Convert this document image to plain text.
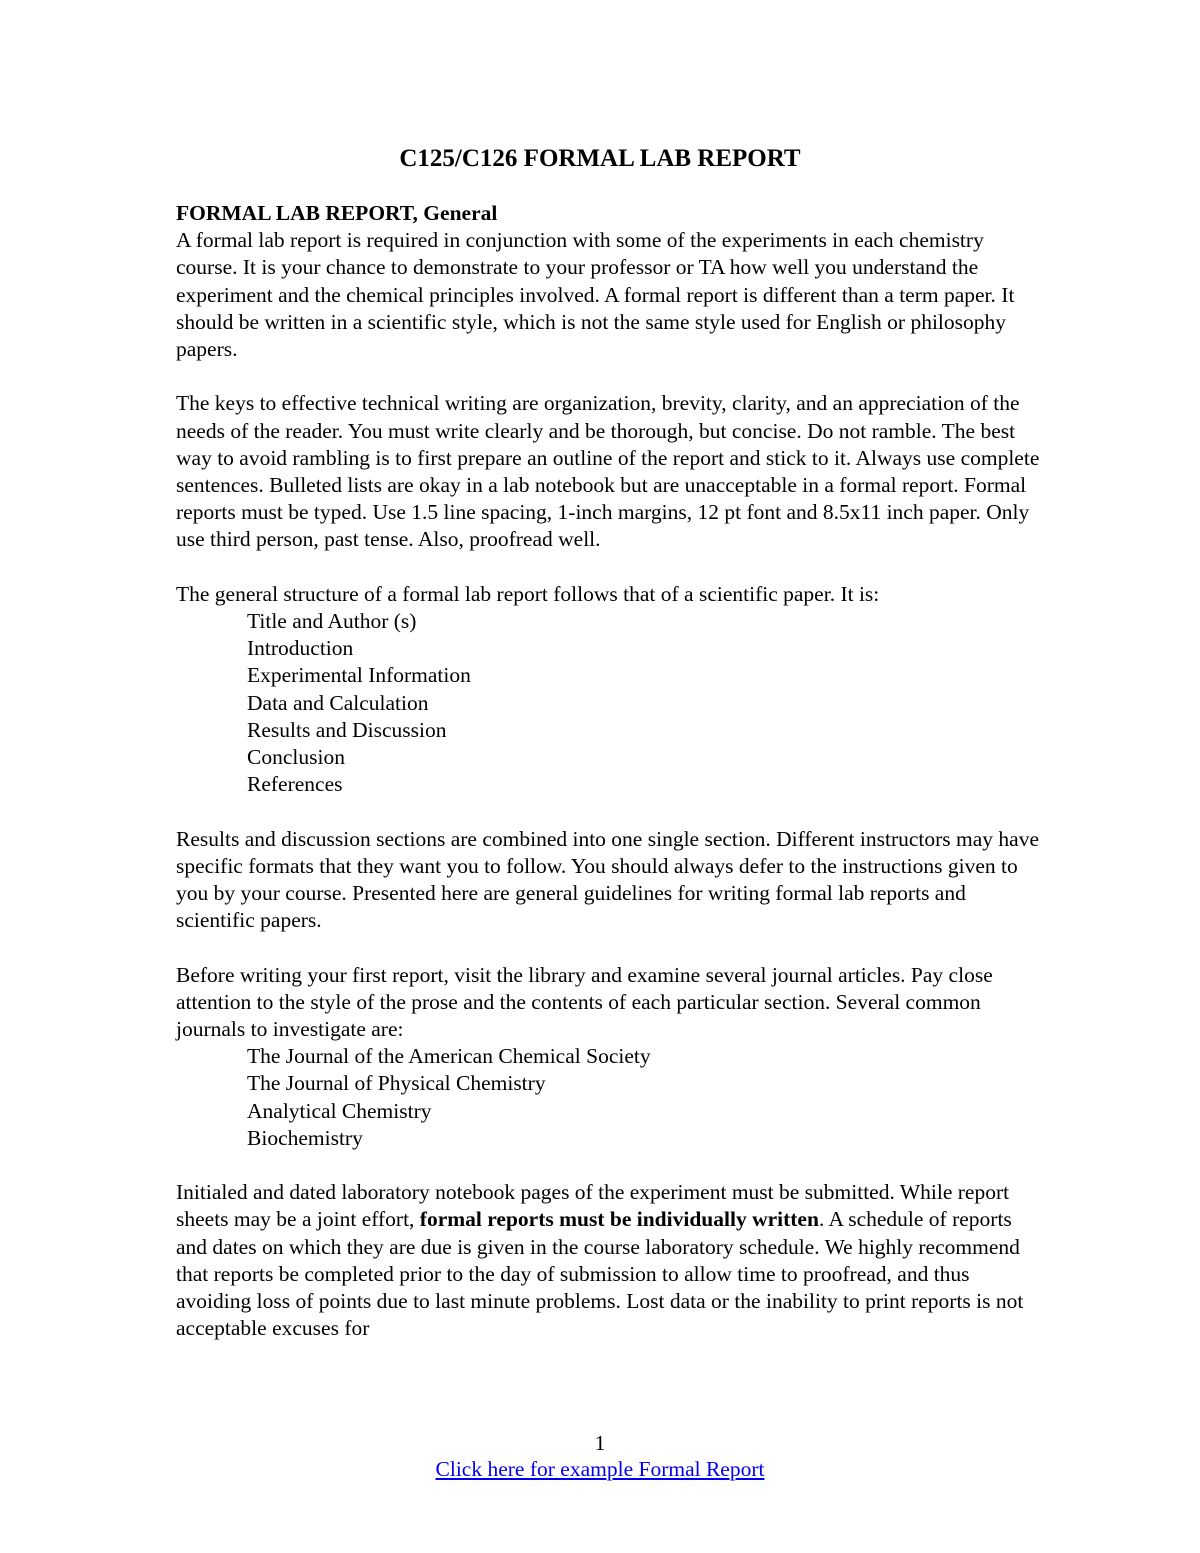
C125/C126 FORMAL LAB REPORT

FORMAL LAB REPORT, General

A formal lab report is required in conjunction with some of the experiments in each chemistry course. It is your chance to demonstrate to your professor or TA how well you understand the experiment and the chemical principles involved. A formal report is different than a term paper. It should be written in a scientific style, which is not the same style used for English or philosophy papers.

The keys to effective technical writing are organization, brevity, clarity, and an appreciation of the needs of the reader. You must write clearly and be thorough, but concise. Do not ramble. The best way to avoid rambling is to first prepare an outline of the report and stick to it. Always use complete sentences. Bulleted lists are okay in a lab notebook but are unacceptable in a formal report. Formal reports must be typed. Use 1.5 line spacing, 1-inch margins, 12 pt font and 8.5x11 inch paper. Only use third person, past tense. Also, proofread well.

The general structure of a formal lab report follows that of a scientific paper. It is:

Title and Author (s)
Introduction
Experimental Information
Data and Calculation
Results and Discussion
Conclusion
References

Results and discussion sections are combined into one single section. Different instructors may have specific formats that they want you to follow. You should always defer to the instructions given to you by your course. Presented here are general guidelines for writing formal lab reports and scientific papers.

Before writing your first report, visit the library and examine several journal articles. Pay close attention to the style of the prose and the contents of each particular section. Several common journals to investigate are:

The Journal of the American Chemical Society
The Journal of Physical Chemistry
Analytical Chemistry
Biochemistry

Initialed and dated laboratory notebook pages of the experiment must be submitted. While report sheets may be a joint effort, formal reports must be individually written. A schedule of reports and dates on which they are due is given in the course laboratory schedule. We highly recommend that reports be completed prior to the day of submission to allow time to proofread, and thus avoiding loss of points due to last minute problems. Lost data or the inability to print reports is not acceptable excuses for

1
Click here for example Formal Report
